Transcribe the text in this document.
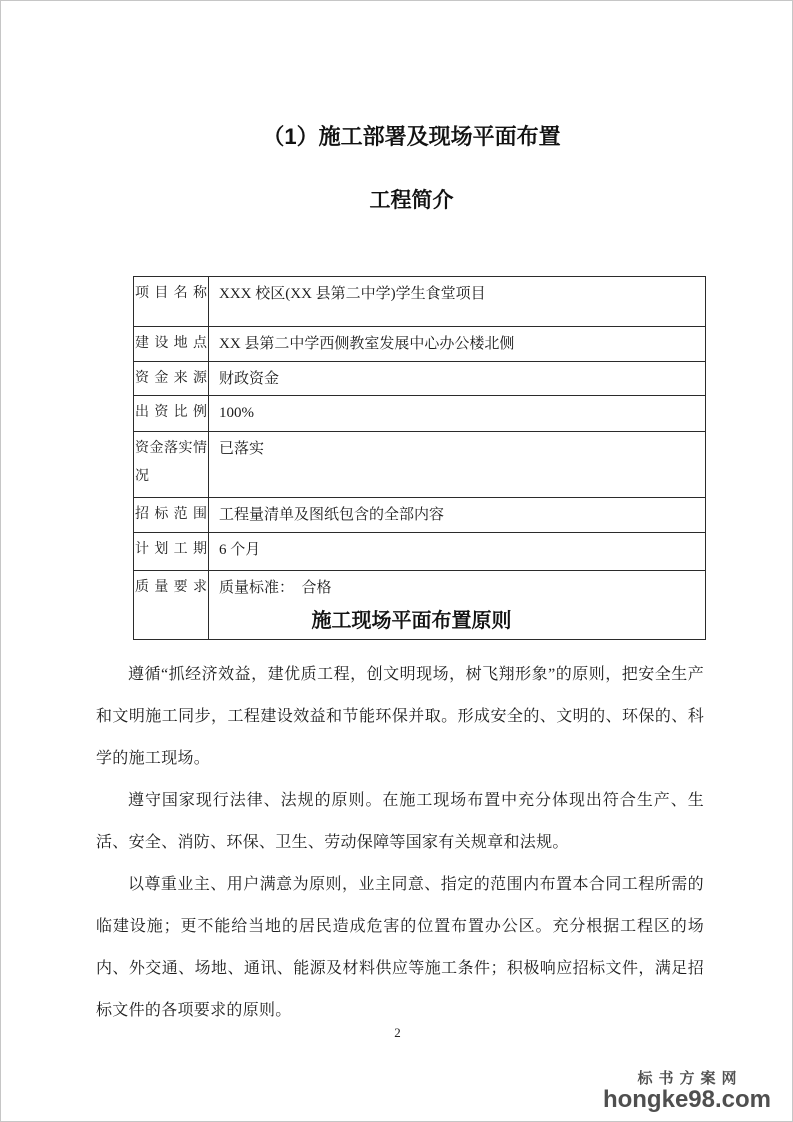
（1）施工部署及现场平面布置
工程简介
项目名称	XXX 校区(XX 县第二中学)学生食堂项目
建设地点	XX 县第二中学西侧教室发展中心办公楼北侧
资金来源	财政资金
出资比例	100%
资金落实情况	已落实
招标范围	工程量清单及图纸包含的全部内容
计划工期	6 个月
质量要求	质量标准：  合格
施工现场平面布置原则

遵循“抓经济效益，建优质工程，创文明现场，树飞翔形象”的原则，把安全生产和文明施工同步，工程建设效益和节能环保并取。形成安全的、文明的、环保的、科学的施工现场。

遵守国家现行法律、法规的原则。在施工现场布置中充分体现出符合生产、生活、安全、消防、环保、卫生、劳动保障等国家有关规章和法规。

以尊重业主、用户满意为原则，业主同意、指定的范围内布置本合同工程所需的临建设施；更不能给当地的居民造成危害的位置布置办公区。充分根据工程区的场内、外交通、场地、通讯、能源及材料供应等施工条件；积极响应招标文件，满足招标文件的各项要求的原则。

2
标书方案网
hongke98.com
